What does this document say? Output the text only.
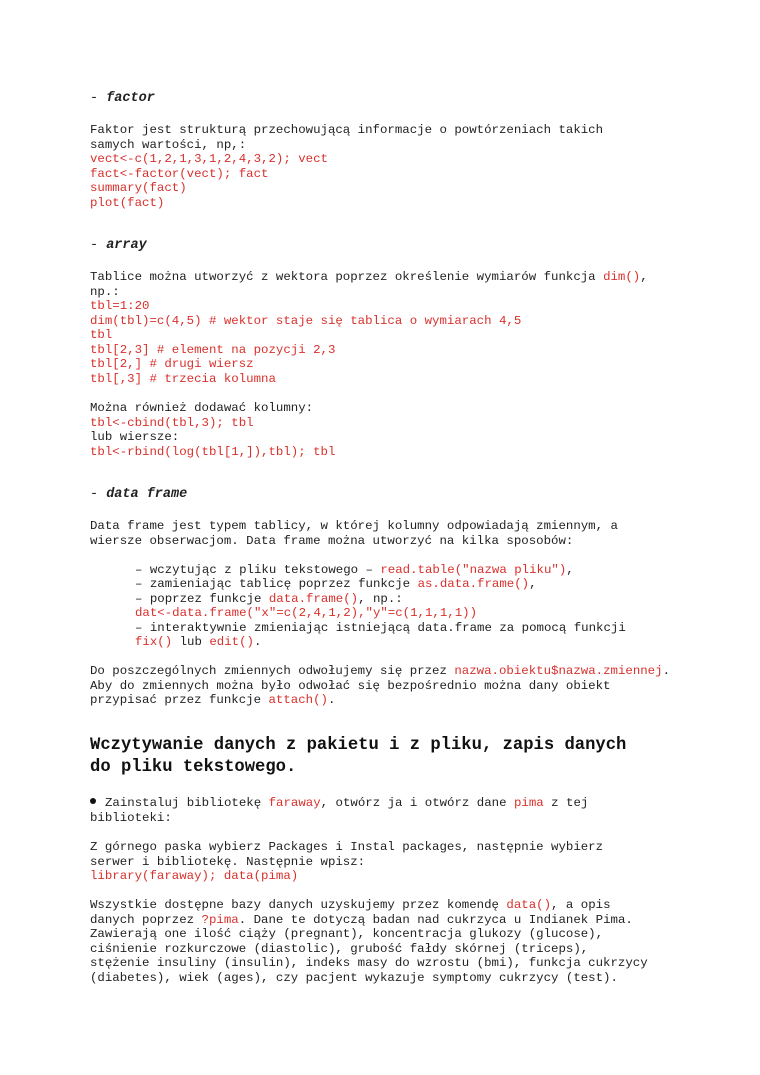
- factor
Faktor jest strukturą przechowującą informacje o powtórzeniach takich
samych wartości, np,:
vect<-c(1,2,1,3,1,2,4,3,2); vect
fact<-factor(vect); fact
summary(fact)
plot(fact)
- array
Tablice można utworzyć z wektora poprzez określenie wymiarów funkcja dim(),
np.:
tbl=1:20
dim(tbl)=c(4,5) # wektor staje się tablica o wymiarach 4,5
tbl
tbl[2,3] # element na pozycji 2,3
tbl[2,] # drugi wiersz
tbl[,3] # trzecia kolumna
Można również dodawać kolumny:
tbl<-cbind(tbl,3); tbl
lub wiersze:
tbl<-rbind(log(tbl[1,]),tbl); tbl
- data frame
Data frame jest typem tablicy, w której kolumny odpowiadają zmiennym, a
wiersze obserwacjom. Data frame można utworzyć na kilka sposobów:
– wczytując z pliku tekstowego – read.table("nazwa pliku"),
– zamieniając tablicę poprzez funkcje as.data.frame(),
– poprzez funkcje data.frame(), np.:
dat<-data.frame("x"=c(2,4,1,2),"y"=c(1,1,1,1))
– interaktywnie zmieniając istniejącą data.frame za pomocą funkcji
fix() lub edit().
Do poszczególnych zmiennych odwołujemy się przez nazwa.obiektu$nazwa.zmiennej.
Aby do zmiennych można było odwołać się bezpośrednio można dany obiekt
przypisać przez funkcje attach().
Wczytywanie danych z pakietu i z pliku, zapis danych
do pliku tekstowego.
Zainstaluj bibliotekę faraway, otwórz ja i otwórz dane pima z tej
biblioteki:
Z górnego paska wybierz Packages i Instal packages, następnie wybierz
serwer i bibliotekę. Następnie wpisz:
library(faraway); data(pima)
Wszystkie dostępne bazy danych uzyskujemy przez komendę data(), a opis
danych poprzez ?pima. Dane te dotyczą badan nad cukrzyca u Indianek Pima.
Zawierają one ilość ciąży (pregnant), koncentracja glukozy (glucose),
ciśnienie rozkurczowe (diastolic), grubość fałdy skórnej (triceps),
stężenie insuliny (insulin), indeks masy do wzrostu (bmi), funkcja cukrzycy
(diabetes), wiek (ages), czy pacjent wykazuje symptomy cukrzycy (test).
